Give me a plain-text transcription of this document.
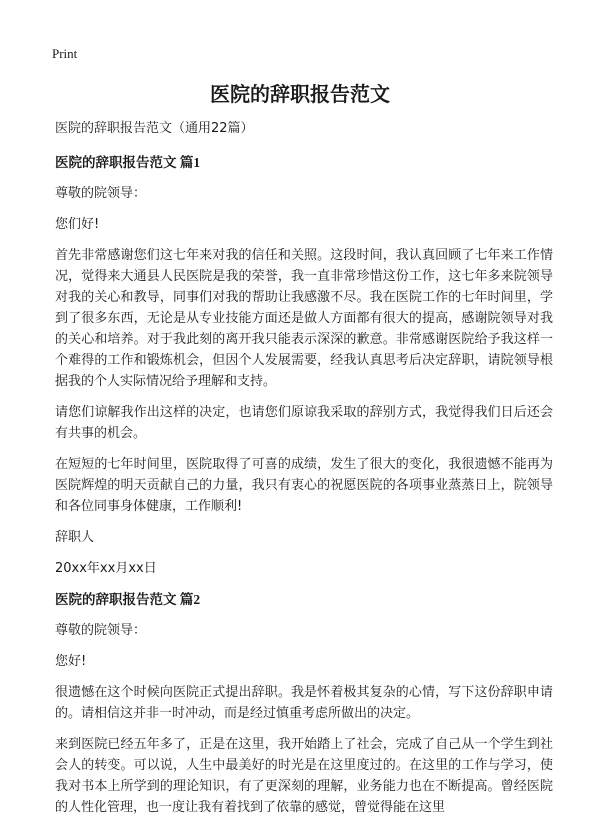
Print
医院的辞职报告范文

医院的辞职报告范文（通用22篇）

医院的辞职报告范文 篇1

尊敬的院领导：

您们好!

首先非常感谢您们这七年来对我的信任和关照。这段时间，我认真回顾了七年来工作情况，觉得来大通县人民医院是我的荣誉，我一直非常珍惜这份工作，这七年多来院领导对我的关心和教导，同事们对我的帮助让我感激不尽。我在医院工作的七年时间里，学到了很多东西，无论是从专业技能方面还是做人方面都有很大的提高，感谢院领导对我的关心和培养。对于我此刻的离开我只能表示深深的歉意。非常感谢医院给予我这样一个难得的工作和锻炼机会，但因个人发展需要，经我认真思考后决定辞职，请院领导根据我的个人实际情况给予理解和支持。

请您们谅解我作出这样的决定，也请您们原谅我采取的辞别方式，我觉得我们日后还会有共事的机会。

在短短的七年时间里，医院取得了可喜的成绩，发生了很大的变化，我很遗憾不能再为医院辉煌的明天贡献自己的力量，我只有衷心的祝愿医院的各项事业蒸蒸日上，院领导和各位同事身体健康，工作顺利!

辞职人

20xx年xx月xx日

医院的辞职报告范文 篇2

尊敬的院领导：

您好!

很遗憾在这个时候向医院正式提出辞职。我是怀着极其复杂的心情，写下这份辞职申请的。请相信这并非一时冲动，而是经过慎重考虑所做出的决定。

来到医院已经五年多了，正是在这里，我开始踏上了社会，完成了自己从一个学生到社会人的转变。可以说，人生中最美好的时光是在这里度过的。在这里的工作与学习，使我对书本上所学到的理论知识，有了更深刻的理解，业务能力也在不断提高。曾经医院的人性化管理，也一度让我有着找到了依靠的感觉，曾觉得能在这里
